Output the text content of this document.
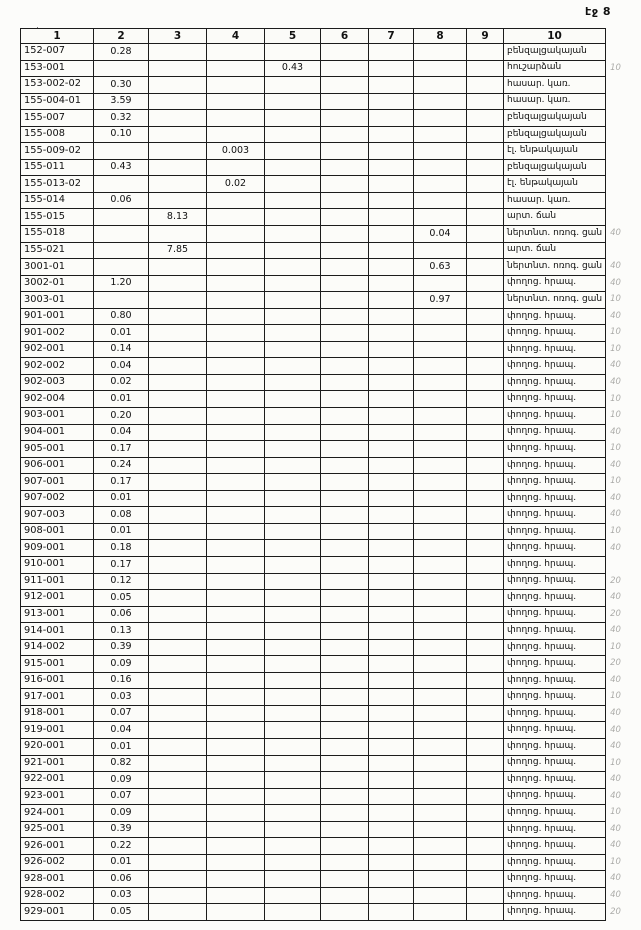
էջ 8
1	2	3	4	5	6	7	8	9	10	
152-007	0.28								բենզալցակայան	
153-001				0.43					հուշարձան	10
153-002-02	0.30								հասար. կառ.	
155-004-01	3.59								հասար. կառ.	
155-007	0.32								բենզալցակայան	
155-008	0.10								բենզալցակայան	
155-009-02			0.003						էլ. ենթակայան	
155-011	0.43								բենզալցակայան	
155-013-02			0.02						էլ. ենթակայան	
155-014	0.06								հասար. կառ.	
155-015		8.13							արտ. ճան	
155-018							0.04		ներտնտ. ոռոգ. ցան	40
155-021		7.85							արտ. ճան	
3001-01							0.63		ներտնտ. ոռոգ. ցան	40
3002-01	1.20								փողոց. հրապ.	40
3003-01							0.97		ներտնտ. ոռոգ. ցան	10
901-001	0.80								փողոց. հրապ.	40
901-002	0.01								փողոց. հրապ.	10
902-001	0.14								փողոց. հրապ.	10
902-002	0.04								փողոց. հրապ.	40
902-003	0.02								փողոց. հրապ.	40
902-004	0.01								փողոց. հրապ.	10
903-001	0.20								փողոց. հրապ.	10
904-001	0.04								փողոց. հրապ.	40
905-001	0.17								փողոց. հրապ.	10
906-001	0.24								փողոց. հրապ.	40
907-001	0.17								փողոց. հրապ.	10
907-002	0.01								փողոց. հրապ.	40
907-003	0.08								փողոց. հրապ.	40
908-001	0.01								փողոց. հրապ.	10
909-001	0.18								փողոց. հրապ.	40
910-001	0.17								փողոց. հրապ.	
911-001	0.12								փողոց. հրապ.	20
912-001	0.05								փողոց. հրապ.	40
913-001	0.06								փողոց. հրապ.	20
914-001	0.13								փողոց. հրապ.	40
914-002	0.39								փողոց. հրապ.	10
915-001	0.09								փողոց. հրապ.	20
916-001	0.16								փողոց. հրապ.	40
917-001	0.03								փողոց. հրապ.	10
918-001	0.07								փողոց. հրապ.	40
919-001	0.04								փողոց. հրապ.	40
920-001	0.01								փողոց. հրապ.	40
921-001	0.82								փողոց. հրապ.	10
922-001	0.09								փողոց. հրապ.	40
923-001	0.07								փողոց. հրապ.	40
924-001	0.09								փողոց. հրապ.	10
925-001	0.39								փողոց. հրապ.	40
926-001	0.22								փողոց. հրապ.	40
926-002	0.01								փողոց. հրապ.	10
928-001	0.06								փողոց. հրապ.	40
928-002	0.03								փողոց. հրապ.	40
929-001	0.05								փողոց. հրապ.	20
